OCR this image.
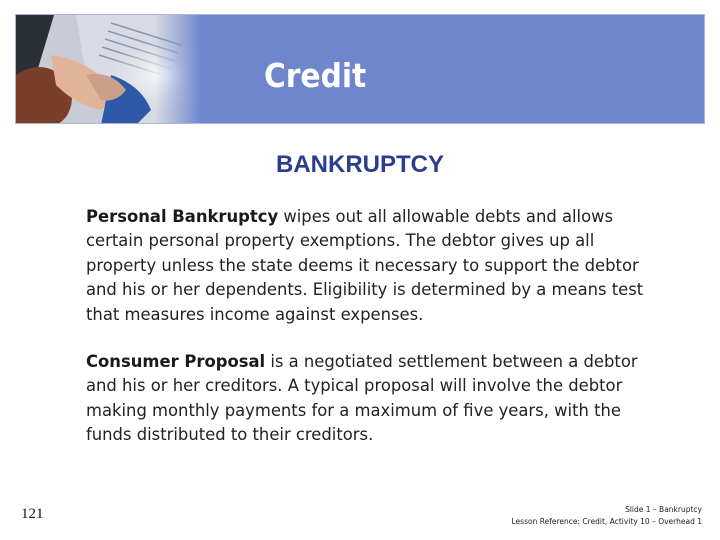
Credit
BANKRUPTCY

Personal Bankruptcy wipes out all allowable debts and allows certain personal property exemptions. The debtor gives up all property unless the state deems it necessary to support the debtor and his or her dependents. Eligibility is determined by a means test that measures income against expenses.

Consumer Proposal is a negotiated settlement between a debtor and his or her creditors. A typical proposal will involve the debtor making monthly payments for a maximum of five years, with the funds distributed to their creditors.

121	Slide 1 – Bankruptcy
Lesson Reference: Credit, Activity 10 – Overhead 1
